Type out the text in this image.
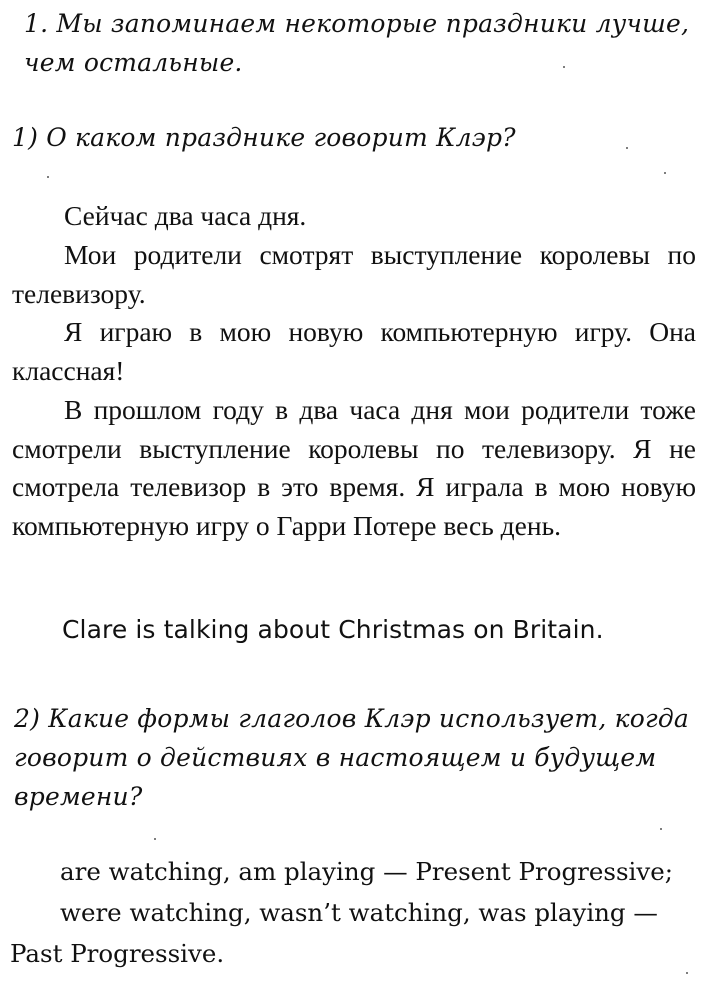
1. Мы запоминаем некоторые праздники лучше, чем остальные.

1) О каком празднике говорит Клэр?

Сейчас два часа дня.

Мои родители смотрят выступление королевы по телевизору.

Я играю в мою новую компьютерную игру. Она классная!

В прошлом году в два часа дня мои родители тоже смотрели выступление королевы по телевизору. Я не смотрела телевизор в это время. Я играла в мою новую компьютерную игру о Гарри Потере весь день.

Clare is talking about Christmas on Britain.

2) Какие формы глаголов Клэр использует, когда говорит о действиях в настоящем и будущем времени?

are watching, am playing — Present Progressive;

were watching, wasn’t watching, was playing — Past Progressive.
